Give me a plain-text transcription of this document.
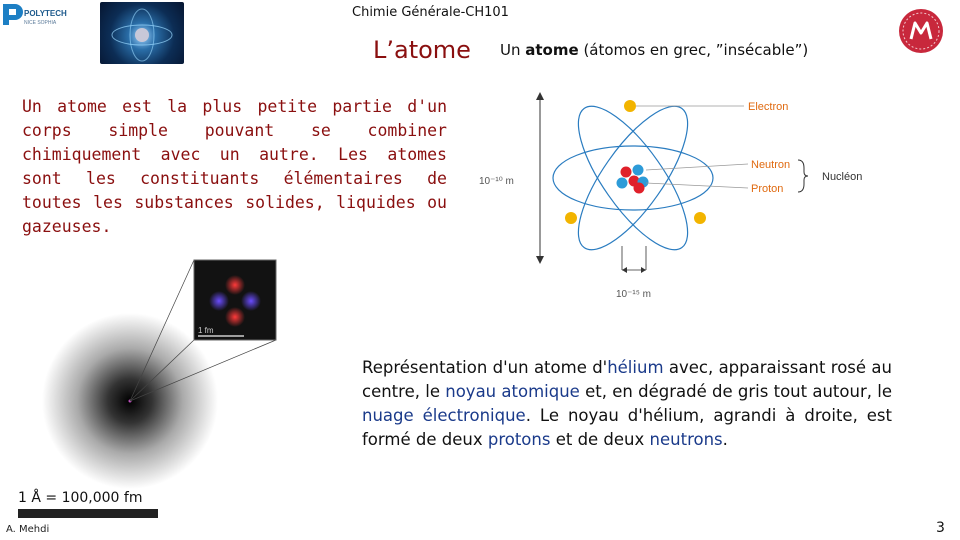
Chimie Générale-CH101
POLYTECH
NICE SOPHIA
L’atome Un atome (átomos en grec, ”insécable”)
Un atome est la plus petite partie d'un corps simple pouvant se combiner chimiquement avec un autre. Les atomes sont les constituants élémentaires de toutes les substances solides, liquides ou gazeuses.
10⁻¹⁰ m
Electron
Neutron
Proton
Nucléon
10⁻¹⁵ m
1 fm
1 Å = 100,000 fm
Représentation d'un atome d'hélium avec, apparaissant rosé au centre, le noyau atomique et, en dégradé de gris tout autour, le nuage électronique. Le noyau d'hélium, agrandi à droite, est formé de deux protons et de deux neutrons.
A. Mehdi	3
